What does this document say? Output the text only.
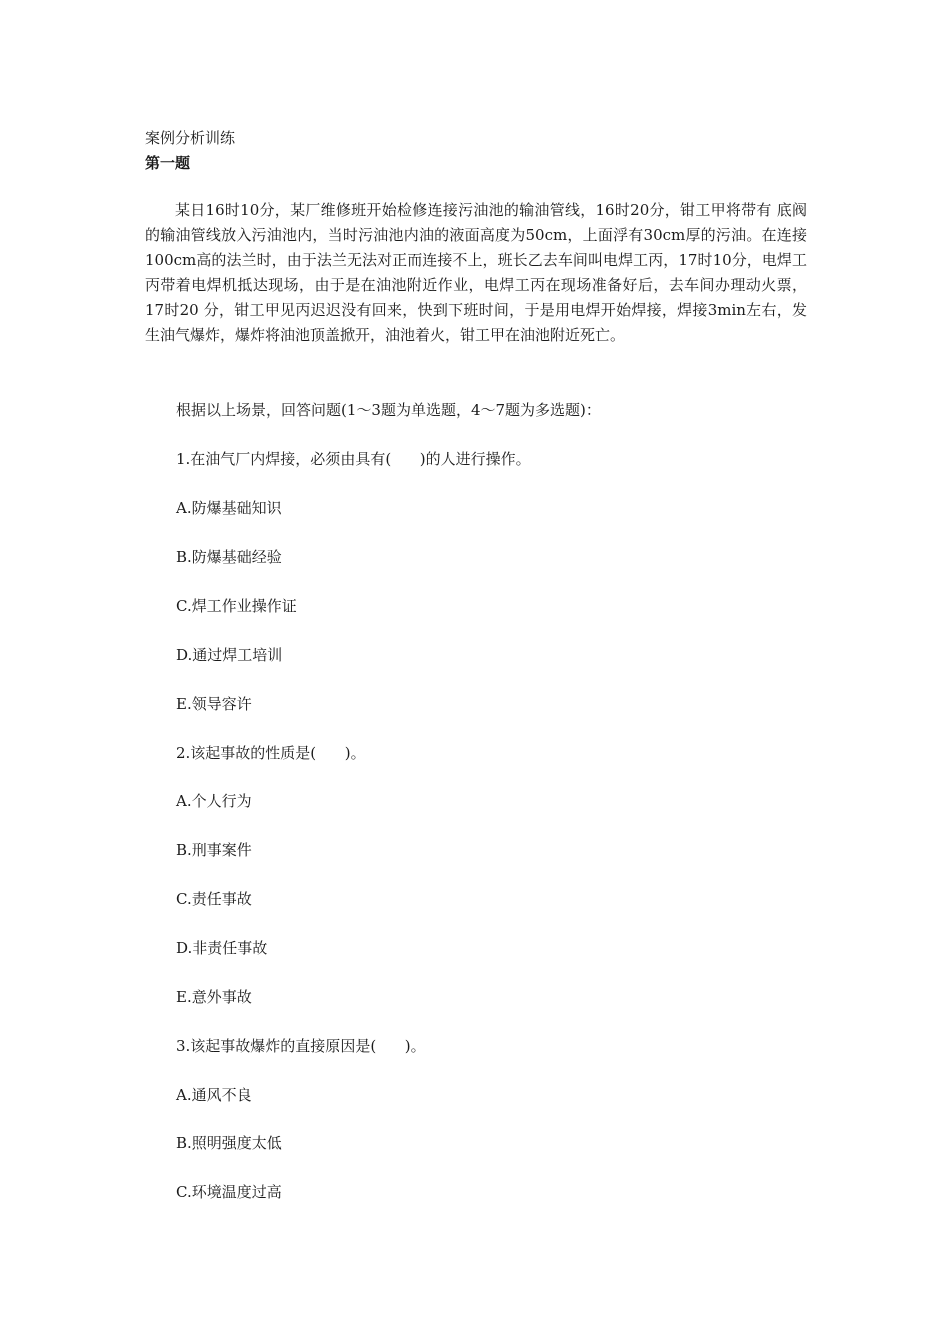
案例分析训练
第一题

某日16时10分，某厂维修班开始检修连接污油池的输油管线，16时20分，钳工甲将带有 底阀的输油管线放入污油池内，当时污油池内油的液面高度为50cm，上面浮有30cm厚的污油。在连接100cm高的法兰时，由于法兰无法对正而连接不上，班长乙去车间叫电焊工丙，17时10分，电焊工丙带着电焊机抵达现场，由于是在油池附近作业，电焊工丙在现场准备好后，去车间办理动火票，17时20 分，钳工甲见丙迟迟没有回来，快到下班时间，于是用电焊开始焊接，焊接3min左右，发生油气爆炸，爆炸将油池顶盖掀开，油池着火，钳工甲在油池附近死亡。

根据以上场景，回答问题(1～3题为单选题，4～7题为多选题)：
1.在油气厂内焊接，必须由具有(      )的人进行操作。
A.防爆基础知识
B.防爆基础经验
C.焊工作业操作证
D.通过焊工培训
E.领导容许
2.该起事故的性质是(      )。
A.个人行为
B.刑事案件
C.责任事故
D.非责任事故
E.意外事故
3.该起事故爆炸的直接原因是(      )。
A.通风不良
B.照明强度太低
C.环境温度过高
